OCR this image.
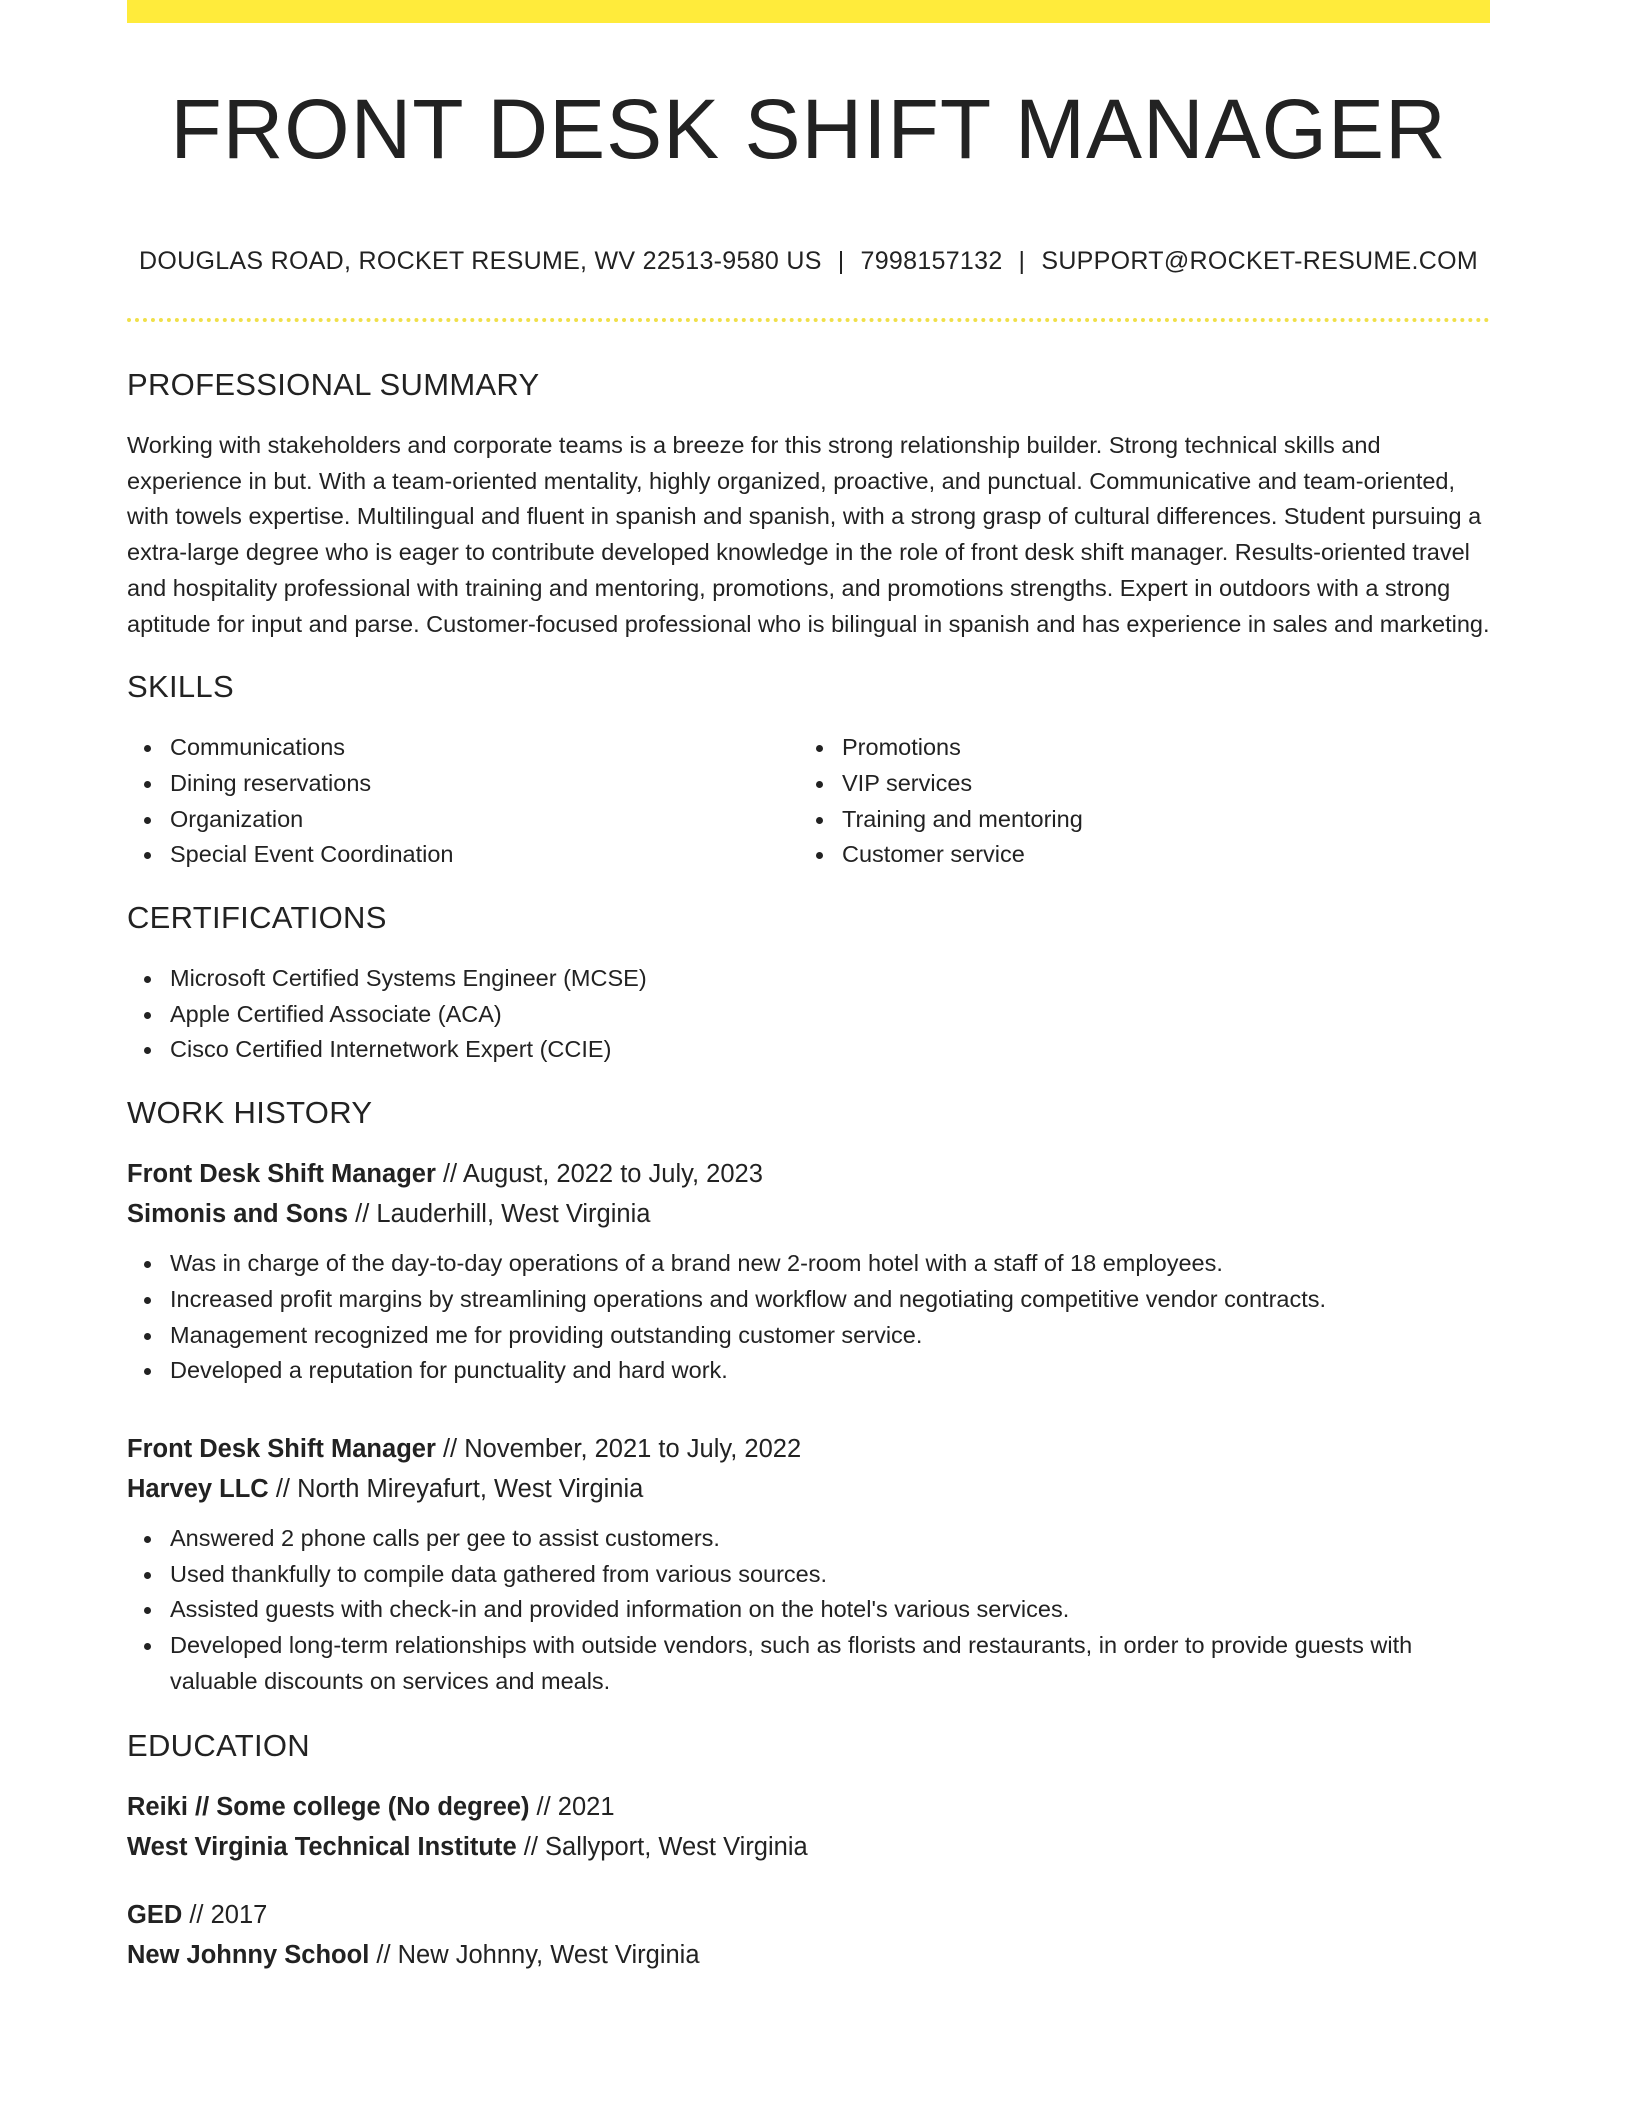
FRONT DESK SHIFT MANAGER
DOUGLAS ROAD, ROCKET RESUME, WV 22513-9580 US | 7998157132 | SUPPORT@ROCKET-RESUME.COM
PROFESSIONAL SUMMARY

Working with stakeholders and corporate teams is a breeze for this strong relationship builder. Strong technical skills and experience in but. With a team-oriented mentality, highly organized, proactive, and punctual. Communicative and team-oriented, with towels expertise. Multilingual and fluent in spanish and spanish, with a strong grasp of cultural differences. Student pursuing a extra-large degree who is eager to contribute developed knowledge in the role of front desk shift manager. Results-oriented travel and hospitality professional with training and mentoring, promotions, and promotions strengths. Expert in outdoors with a strong aptitude for input and parse. Customer-focused professional who is bilingual in spanish and has experience in sales and marketing.

SKILLS
Communications
Dining reservations
Organization
Special Event Coordination
Promotions
VIP services
Training and mentoring
Customer service
CERTIFICATIONS
Microsoft Certified Systems Engineer (MCSE)
Apple Certified Associate (ACA)
Cisco Certified Internetwork Expert (CCIE)
WORK HISTORY
Front Desk Shift Manager // August, 2022 to July, 2023
Simonis and Sons // Lauderhill, West Virginia
Was in charge of the day-to-day operations of a brand new 2-room hotel with a staff of 18 employees.
Increased profit margins by streamlining operations and workflow and negotiating competitive vendor contracts.
Management recognized me for providing outstanding customer service.
Developed a reputation for punctuality and hard work.
Front Desk Shift Manager // November, 2021 to July, 2022
Harvey LLC // North Mireyafurt, West Virginia
Answered 2 phone calls per gee to assist customers.
Used thankfully to compile data gathered from various sources.
Assisted guests with check-in and provided information on the hotel's various services.
Developed long-term relationships with outside vendors, such as florists and restaurants, in order to provide guests with valuable discounts on services and meals.
EDUCATION
Reiki // Some college (No degree) // 2021
West Virginia Technical Institute // Sallyport, West Virginia
GED // 2017
New Johnny School // New Johnny, West Virginia
